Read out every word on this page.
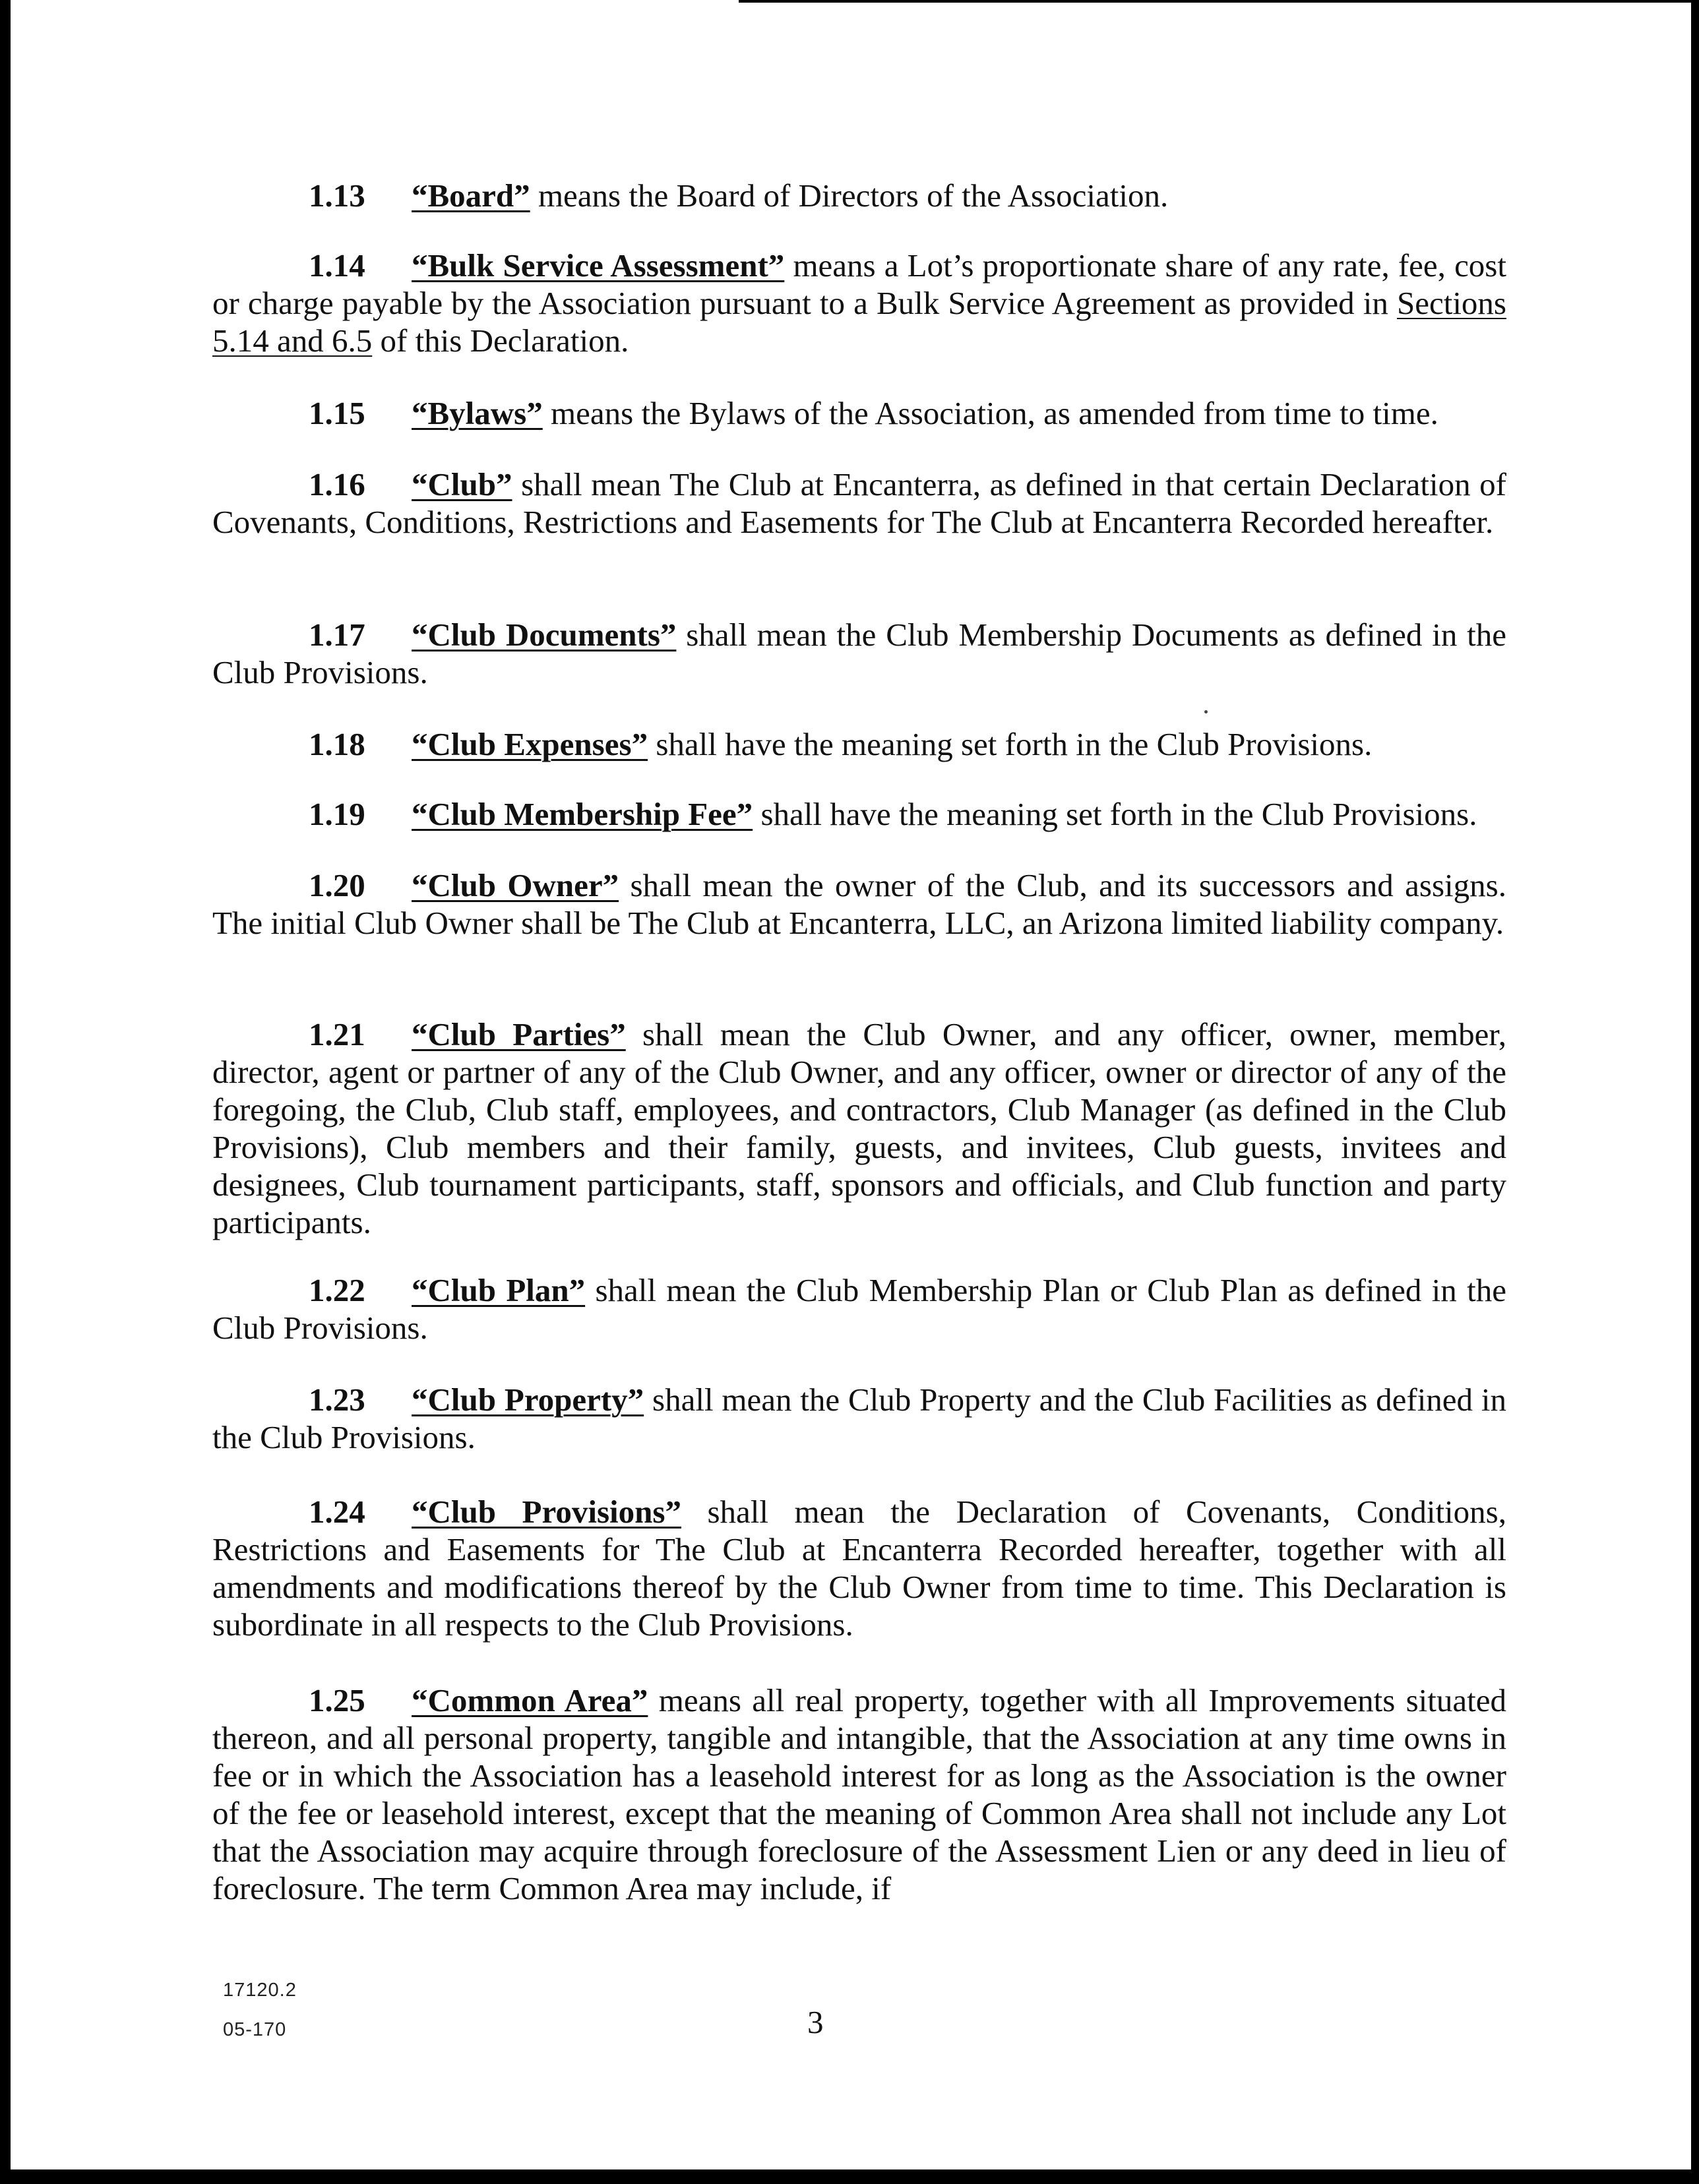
1.13 “Board” means the Board of Directors of the Association.

1.14 “Bulk Service Assessment” means a Lot’s proportionate share of any rate, fee, cost or charge payable by the Association pursuant to a Bulk Service Agreement as provided in Sections 5.14 and 6.5 of this Declaration.

1.15 “Bylaws” means the Bylaws of the Association, as amended from time to time.

1.16 “Club” shall mean The Club at Encanterra, as defined in that certain Declaration of Covenants, Conditions, Restrictions and Easements for The Club at Encanterra Recorded hereafter.

1.17 “Club Documents” shall mean the Club Membership Documents as defined in the Club Provisions.

1.18 “Club Expenses” shall have the meaning set forth in the Club Provisions.

1.19 “Club Membership Fee” shall have the meaning set forth in the Club Provisions.

1.20 “Club Owner” shall mean the owner of the Club, and its successors and assigns. The initial Club Owner shall be The Club at Encanterra, LLC, an Arizona limited liability company.

1.21 “Club Parties” shall mean the Club Owner, and any officer, owner, member, director, agent or partner of any of the Club Owner, and any officer, owner or director of any of the foregoing, the Club, Club staff, employees, and contractors, Club Manager (as defined in the Club Provisions), Club members and their family, guests, and invitees, Club guests, invitees and designees, Club tournament participants, staff, sponsors and officials, and Club function and party participants.

1.22 “Club Plan” shall mean the Club Membership Plan or Club Plan as defined in the Club Provisions.

1.23 “Club Property” shall mean the Club Property and the Club Facilities as defined in the Club Provisions.

1.24 “Club Provisions” shall mean the Declaration of Covenants, Conditions, Restrictions and Easements for The Club at Encanterra Recorded hereafter, together with all amendments and modifications thereof by the Club Owner from time to time. This Declaration is subordinate in all respects to the Club Provisions.

1.25 “Common Area” means all real property, together with all Improvements situated thereon, and all personal property, tangible and intangible, that the Association at any time owns in fee or in which the Association has a leasehold interest for as long as the Association is the owner of the fee or leasehold interest, except that the meaning of Common Area shall not include any Lot that the Association may acquire through foreclosure of the Assessment Lien or any deed in lieu of foreclosure. The term Common Area may include, if

17120.2
05-170	3
